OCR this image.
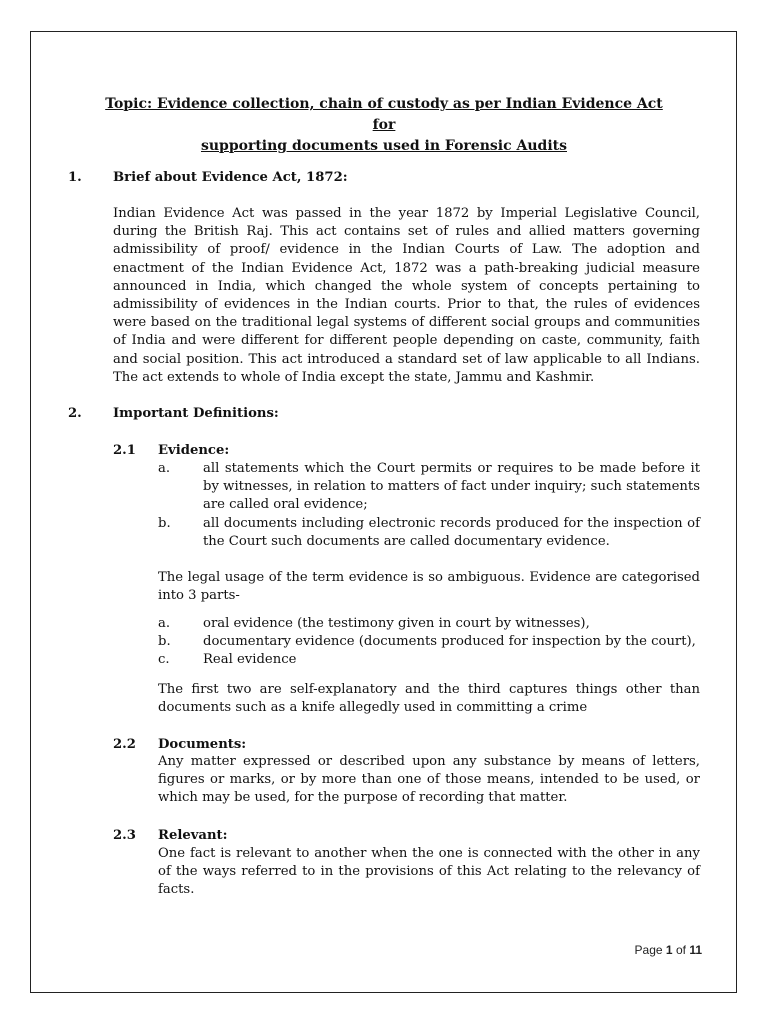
Topic: Evidence collection, chain of custody as per Indian Evidence Act for
supporting documents used in Forensic Audits
1. Brief about Evidence Act, 1872:

Indian Evidence Act was passed in the year 1872 by Imperial Legislative Council, during the British Raj. This act contains set of rules and allied matters governing admissibility of proof/ evidence in the Indian Courts of Law. The adoption and enactment of the Indian Evidence Act, 1872 was a path-breaking judicial measure announced in India, which changed the whole system of concepts pertaining to admissibility of evidences in the Indian courts. Prior to that, the rules of evidences were based on the traditional legal systems of different social groups and communities of India and were different for different people depending on caste, community, faith and social position. This act introduced a standard set of law applicable to all Indians. The act extends to whole of India except the state, Jammu and Kashmir.

2. Important Definitions:
2.1 Evidence:
a. all statements which the Court permits or requires to be made before it by witnesses, in relation to matters of fact under inquiry; such statements are called oral evidence;
b. all documents including electronic records produced for the inspection of the Court such documents are called documentary evidence.

The legal usage of the term evidence is so ambiguous. Evidence are categorised into 3 parts-

a. oral evidence (the testimony given in court by witnesses),
b. documentary evidence (documents produced for inspection by the court),
c.	Real evidence

The first two are self-explanatory and the third captures things other than documents such as a knife allegedly used in committing a crime

2.2 Documents:

Any matter expressed or described upon any substance by means of letters, figures or marks, or by more than one of those means, intended to be used, or which may be used, for the purpose of recording that matter.

2.3 Relevant:

One fact is relevant to another when the one is connected with the other in any of the ways referred to in the provisions of this Act relating to the relevancy of facts.

Page 1 of 11
